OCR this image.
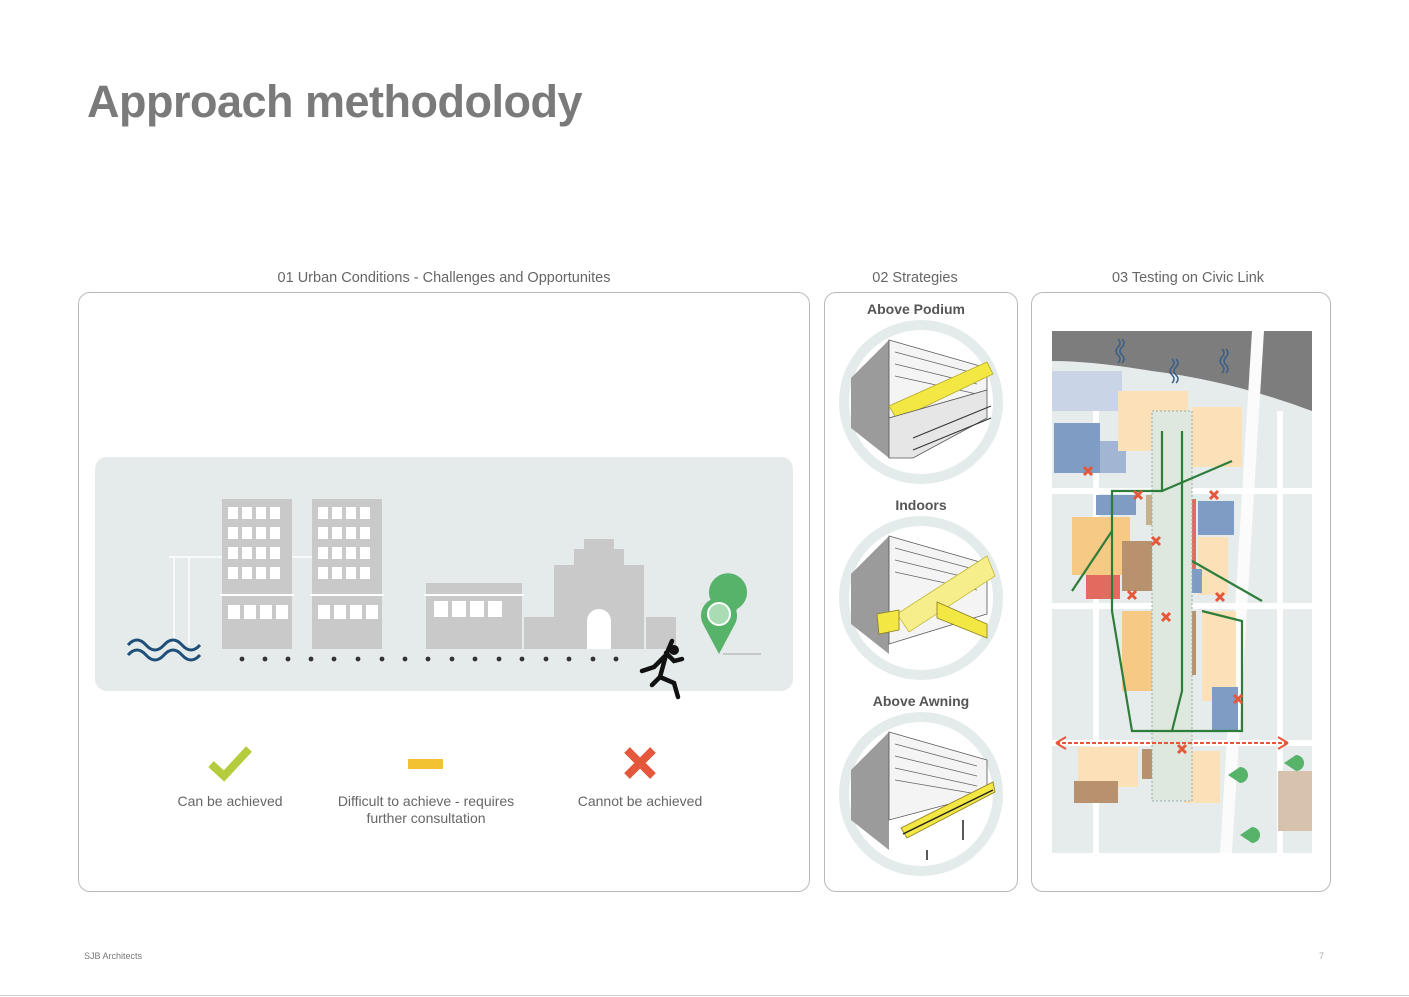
Approach methodolody
01 Urban Conditions - Challenges and Opportunites	02 Strategies	03 Testing on Civic Link
Can be achieved	Difficult to achieve - requires
further consultation
Cannot be achieved
Above Podium
Indoors
Above Awning
SJB Architects	7
